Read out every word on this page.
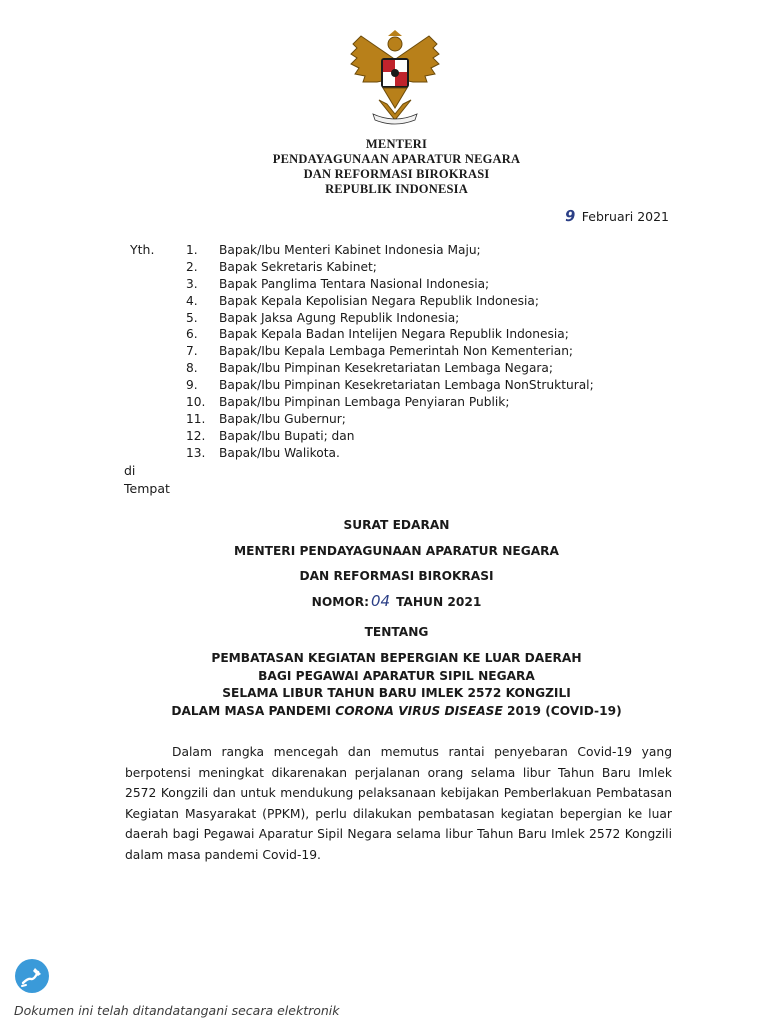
MENTERI
PENDAYAGUNAAN APARATUR NEGARA
DAN REFORMASI BIROKRASI
REPUBLIK INDONESIA
9 Februari 2021
Yth.	1. Bapak/Ibu Menteri Kabinet Indonesia Maju;
2. Bapak Sekretaris Kabinet;
3. Bapak Panglima Tentara Nasional Indonesia;
4. Bapak Kepala Kepolisian Negara Republik Indonesia;
5. Bapak Jaksa Agung Republik Indonesia;
6. Bapak Kepala Badan Intelijen Negara Republik Indonesia;
7. Bapak/Ibu Kepala Lembaga Pemerintah Non Kementerian;
8. Bapak/Ibu Pimpinan Kesekretariatan Lembaga Negara;
9. Bapak/Ibu Pimpinan Kesekretariatan Lembaga NonStruktural;
10. Bapak/Ibu Pimpinan Lembaga Penyiaran Publik;
11. Bapak/Ibu Gubernur;
12. Bapak/Ibu Bupati; dan
13. Bapak/Ibu Walikota.
di
Tempat
SURAT EDARAN
MENTERI PENDAYAGUNAAN APARATUR NEGARA
DAN REFORMASI BIROKRASI
NOMOR: 04 TAHUN 2021
TENTANG
PEMBATASAN KEGIATAN BEPERGIAN KE LUAR DAERAH
BAGI PEGAWAI APARATUR SIPIL NEGARA
SELAMA LIBUR TAHUN BARU IMLEK 2572 KONGZILI
DALAM MASA PANDEMI CORONA VIRUS DISEASE 2019 (COVID-19)
Dalam rangka mencegah dan memutus rantai penyebaran Covid-19 yang berpotensi meningkat dikarenakan perjalanan orang selama libur Tahun Baru Imlek 2572 Kongzili dan untuk mendukung pelaksanaan kebijakan Pemberlakuan Pembatasan Kegiatan Masyarakat (PPKM), perlu dilakukan pembatasan kegiatan bepergian ke luar daerah bagi Pegawai Aparatur Sipil Negara selama libur Tahun Baru Imlek 2572 Kongzili dalam masa pandemi Covid-19.
Dokumen ini telah ditandatangani secara elektronik
